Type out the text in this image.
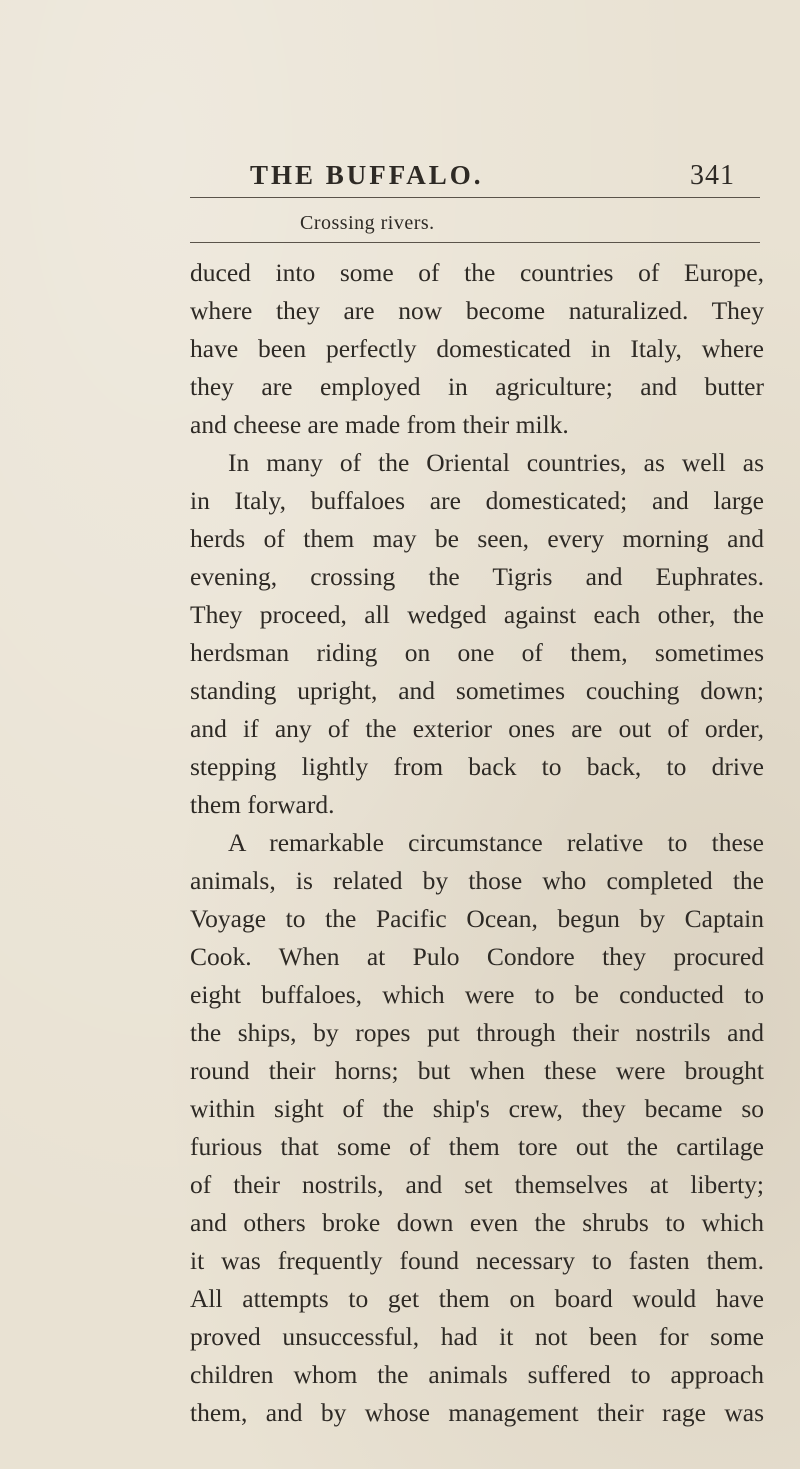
THE BUFFALO.	341
Crossing rivers.
duced into some of the countries of Europe,
where they are now become naturalized. They
have been perfectly domesticated in Italy, where
they are employed in agriculture; and butter
and cheese are made from their milk.
In many of the Oriental countries, as well as
in Italy, buffaloes are domesticated; and large
herds of them may be seen, every morning and
evening, crossing the Tigris and Euphrates.
They proceed, all wedged against each other, the
herdsman riding on one of them, sometimes
standing upright, and sometimes couching down;
and if any of the exterior ones are out of order,
stepping lightly from back to back, to drive
them forward.
A remarkable circumstance relative to these
animals, is related by those who completed the
Voyage to the Pacific Ocean, begun by Captain
Cook. When at Pulo Condore they procured
eight buffaloes, which were to be conducted to
the ships, by ropes put through their nostrils and
round their horns; but when these were brought
within sight of the ship's crew, they became so
furious that some of them tore out the cartilage
of their nostrils, and set themselves at liberty;
and others broke down even the shrubs to which
it was frequently found necessary to fasten them.
All attempts to get them on board would have
proved unsuccessful, had it not been for some
children whom the animals suffered to approach
them, and by whose management their rage was
